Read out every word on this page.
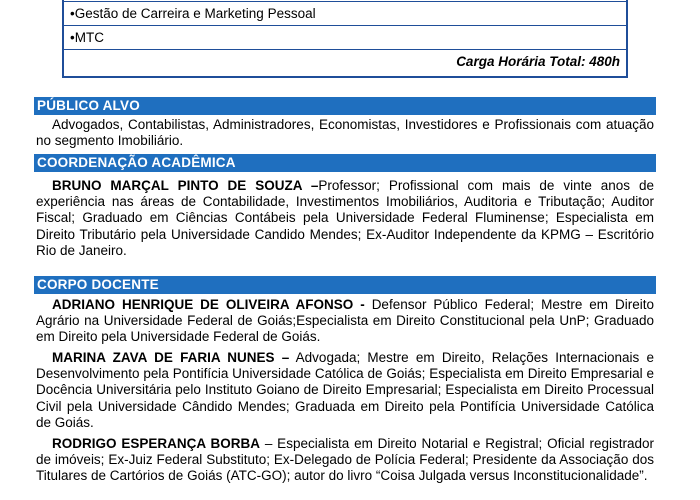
•Gestão de Carreira e Marketing Pessoal
•MTC
Carga Horária Total: 480h
PÚBLICO ALVO
Advogados, Contabilistas, Administradores, Economistas, Investidores e Profissionais com atuação no segmento Imobiliário.
COORDENAÇÃO ACADÊMICA
BRUNO MARÇAL PINTO DE SOUZA –Professor; Profissional com mais de vinte anos de experiência nas áreas de Contabilidade, Investimentos Imobiliários, Auditoria e Tributação; Auditor Fiscal; Graduado em Ciências Contábeis pela Universidade Federal Fluminense; Especialista em Direito Tributário pela Universidade Candido Mendes; Ex-Auditor Independente da KPMG – Escritório Rio de Janeiro.
CORPO DOCENTE
ADRIANO HENRIQUE DE OLIVEIRA AFONSO - Defensor Público Federal; Mestre em Direito Agrário na Universidade Federal de Goiás;Especialista em Direito Constitucional pela UnP; Graduado em Direito pela Universidade Federal de Goiás.
MARINA ZAVA DE FARIA NUNES – Advogada; Mestre em Direito, Relações Internacionais e Desenvolvimento pela Pontifícia Universidade Católica de Goiás; Especialista em Direito Empresarial e Docência Universitária pelo Instituto Goiano de Direito Empresarial; Especialista em Direito Processual Civil pela Universidade Cândido Mendes; Graduada em Direito pela Pontifícia Universidade Católica de Goiás.
RODRIGO ESPERANÇA BORBA – Especialista em Direito Notarial e Registral; Oficial registrador de imóveis; Ex-Juiz Federal Substituto; Ex-Delegado de Polícia Federal; Presidente da Associação dos Titulares de Cartórios de Goiás (ATC-GO); autor do livro “Coisa Julgada versus Inconstitucionalidade”.
